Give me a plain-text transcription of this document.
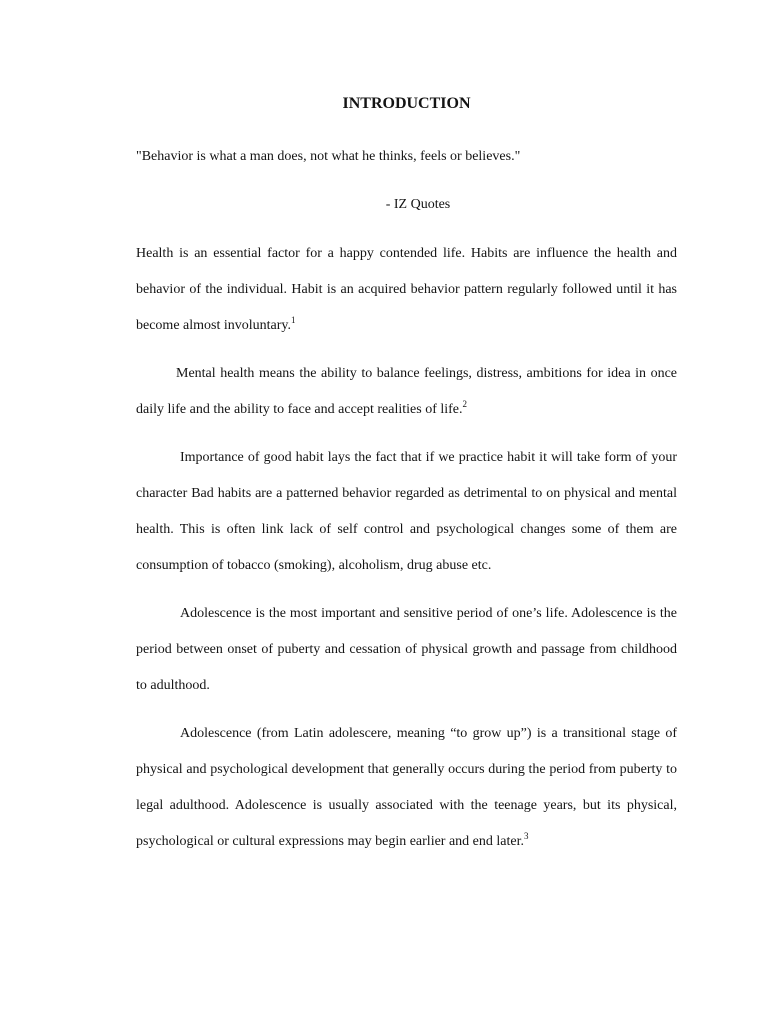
INTRODUCTION

"Behavior is what a man does, not what he thinks, feels or believes."

- IZ Quotes

Health is an essential factor for a happy contended life. Habits are influence the health and behavior of the individual. Habit is an acquired behavior pattern regularly followed until it has become almost involuntary.$^1$

Mental health means the ability to balance feelings, distress, ambitions for idea in once daily life and the ability to face and accept realities of life.$^2$

Importance of good habit lays the fact that if we practice habit it will take form of your character Bad habits are a patterned behavior regarded as detrimental to on physical and mental health. This is often link lack of self control and psychological changes some of them are consumption of tobacco (smoking), alcoholism, drug abuse etc.

Adolescence is the most important and sensitive period of one’s life. Adolescence is the period between onset of puberty and cessation of physical growth and passage from childhood to adulthood.

Adolescence (from Latin adolescere, meaning “to grow up”) is a transitional stage of physical and psychological development that generally occurs during the period from puberty to legal adulthood. Adolescence is usually associated with the teenage years, but its physical, psychological or cultural expressions may begin earlier and end later.$^3$
